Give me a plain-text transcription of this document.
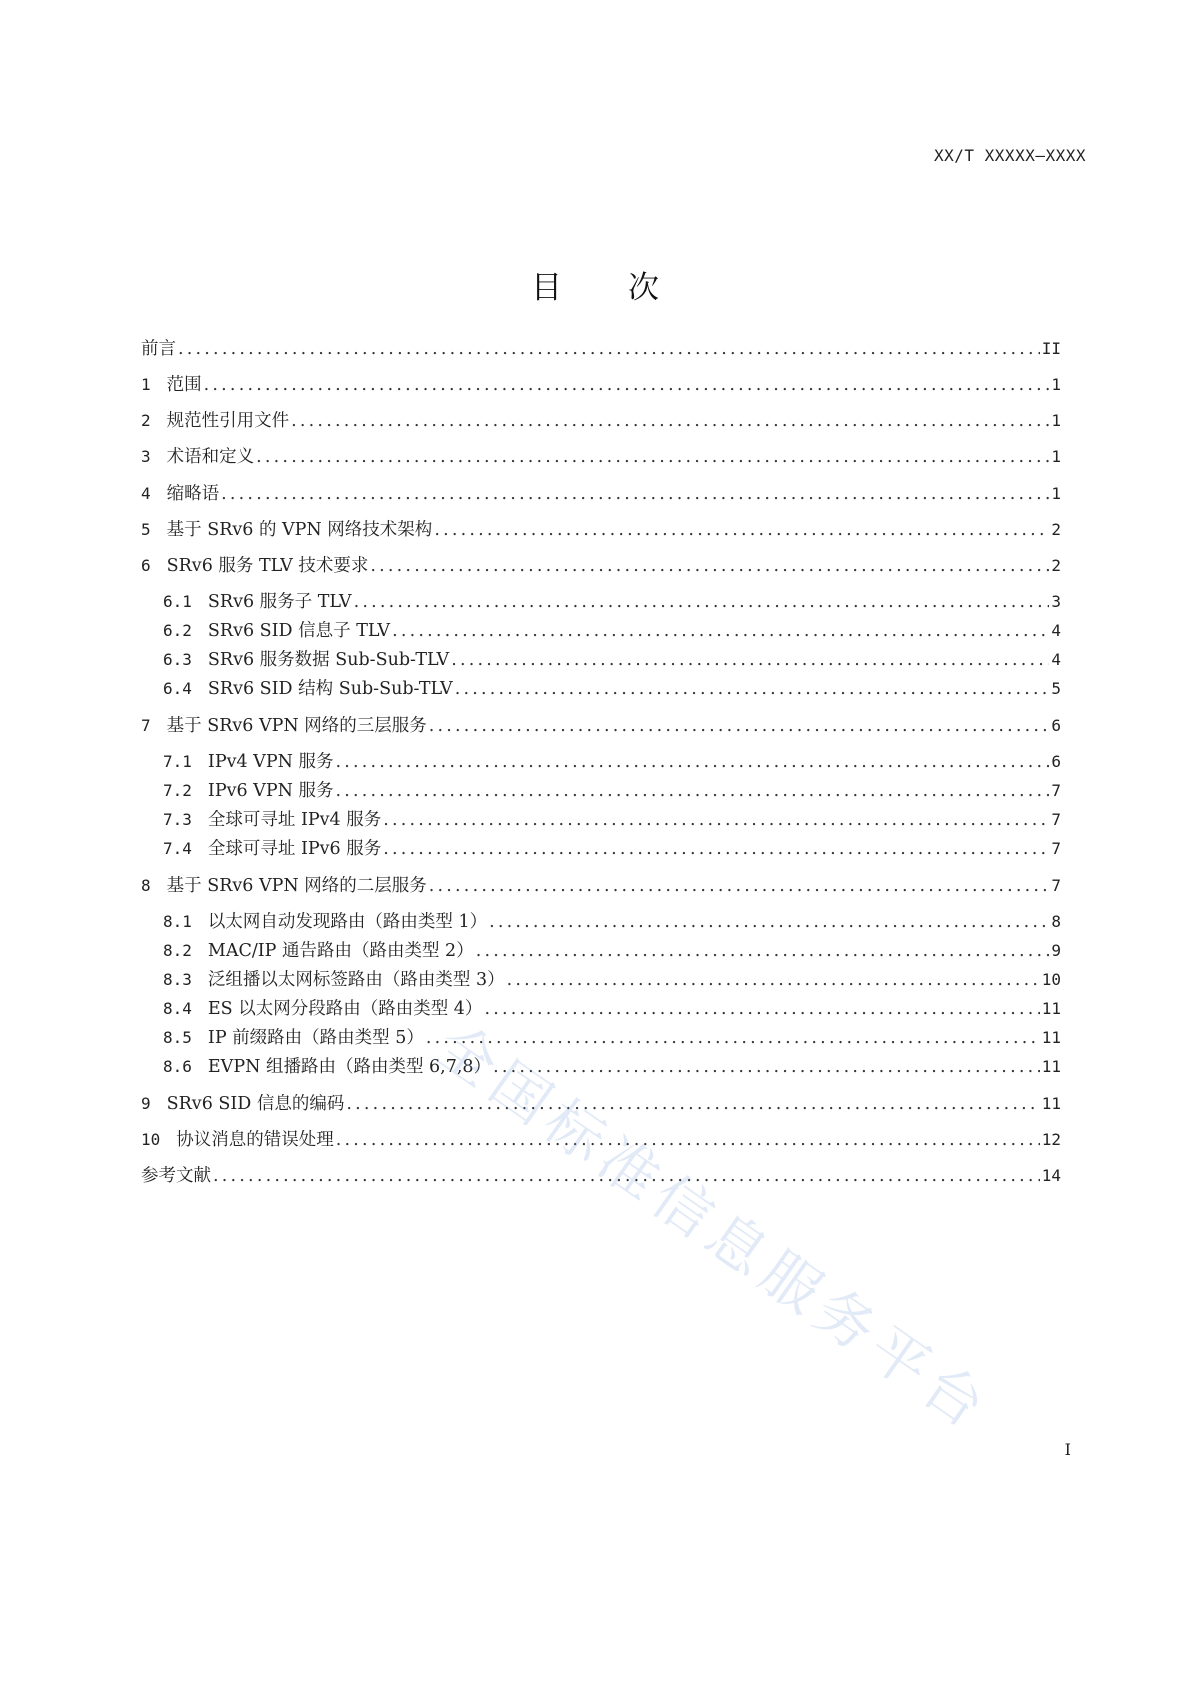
XX/T XXXXX—XXXX
目次
前言 .....	II
1 范围 .....	1
2 规范性引用文件 .....	1
3 术语和定义 .....	1
4 缩略语 .....	1
5 基于 SRv6 的 VPN 网络技术架构 .....	2
6 SRv6 服务 TLV 技术要求 .....	2
6.1 SRv6 服务子 TLV .....	3
6.2 SRv6 SID 信息子 TLV .....	4
6.3 SRv6 服务数据 Sub-Sub-TLV .....	4
6.4 SRv6 SID 结构 Sub-Sub-TLV .....	5
7 基于 SRv6 VPN 网络的三层服务 .....	6
7.1 IPv4 VPN 服务 .....	6
7.2 IPv6 VPN 服务 .....	7
7.3 全球可寻址 IPv4 服务 .....	7
7.4 全球可寻址 IPv6 服务 .....	7
8 基于 SRv6 VPN 网络的二层服务 .....	7
8.1 以太网自动发现路由（路由类型 1） .....	8
8.2 MAC/IP 通告路由（路由类型 2） .....	9
8.3 泛组播以太网标签路由（路由类型 3） .....	10
8.4 ES 以太网分段路由（路由类型 4） .....	11
8.5 IP 前缀路由（路由类型 5） .....	11
8.6 EVPN 组播路由（路由类型 6,7,8） .....	11
9 SRv6 SID 信息的编码 .....	11
10 协议消息的错误处理 .....	12
参考文献 .....	14
全国标准信息服务平台
I
